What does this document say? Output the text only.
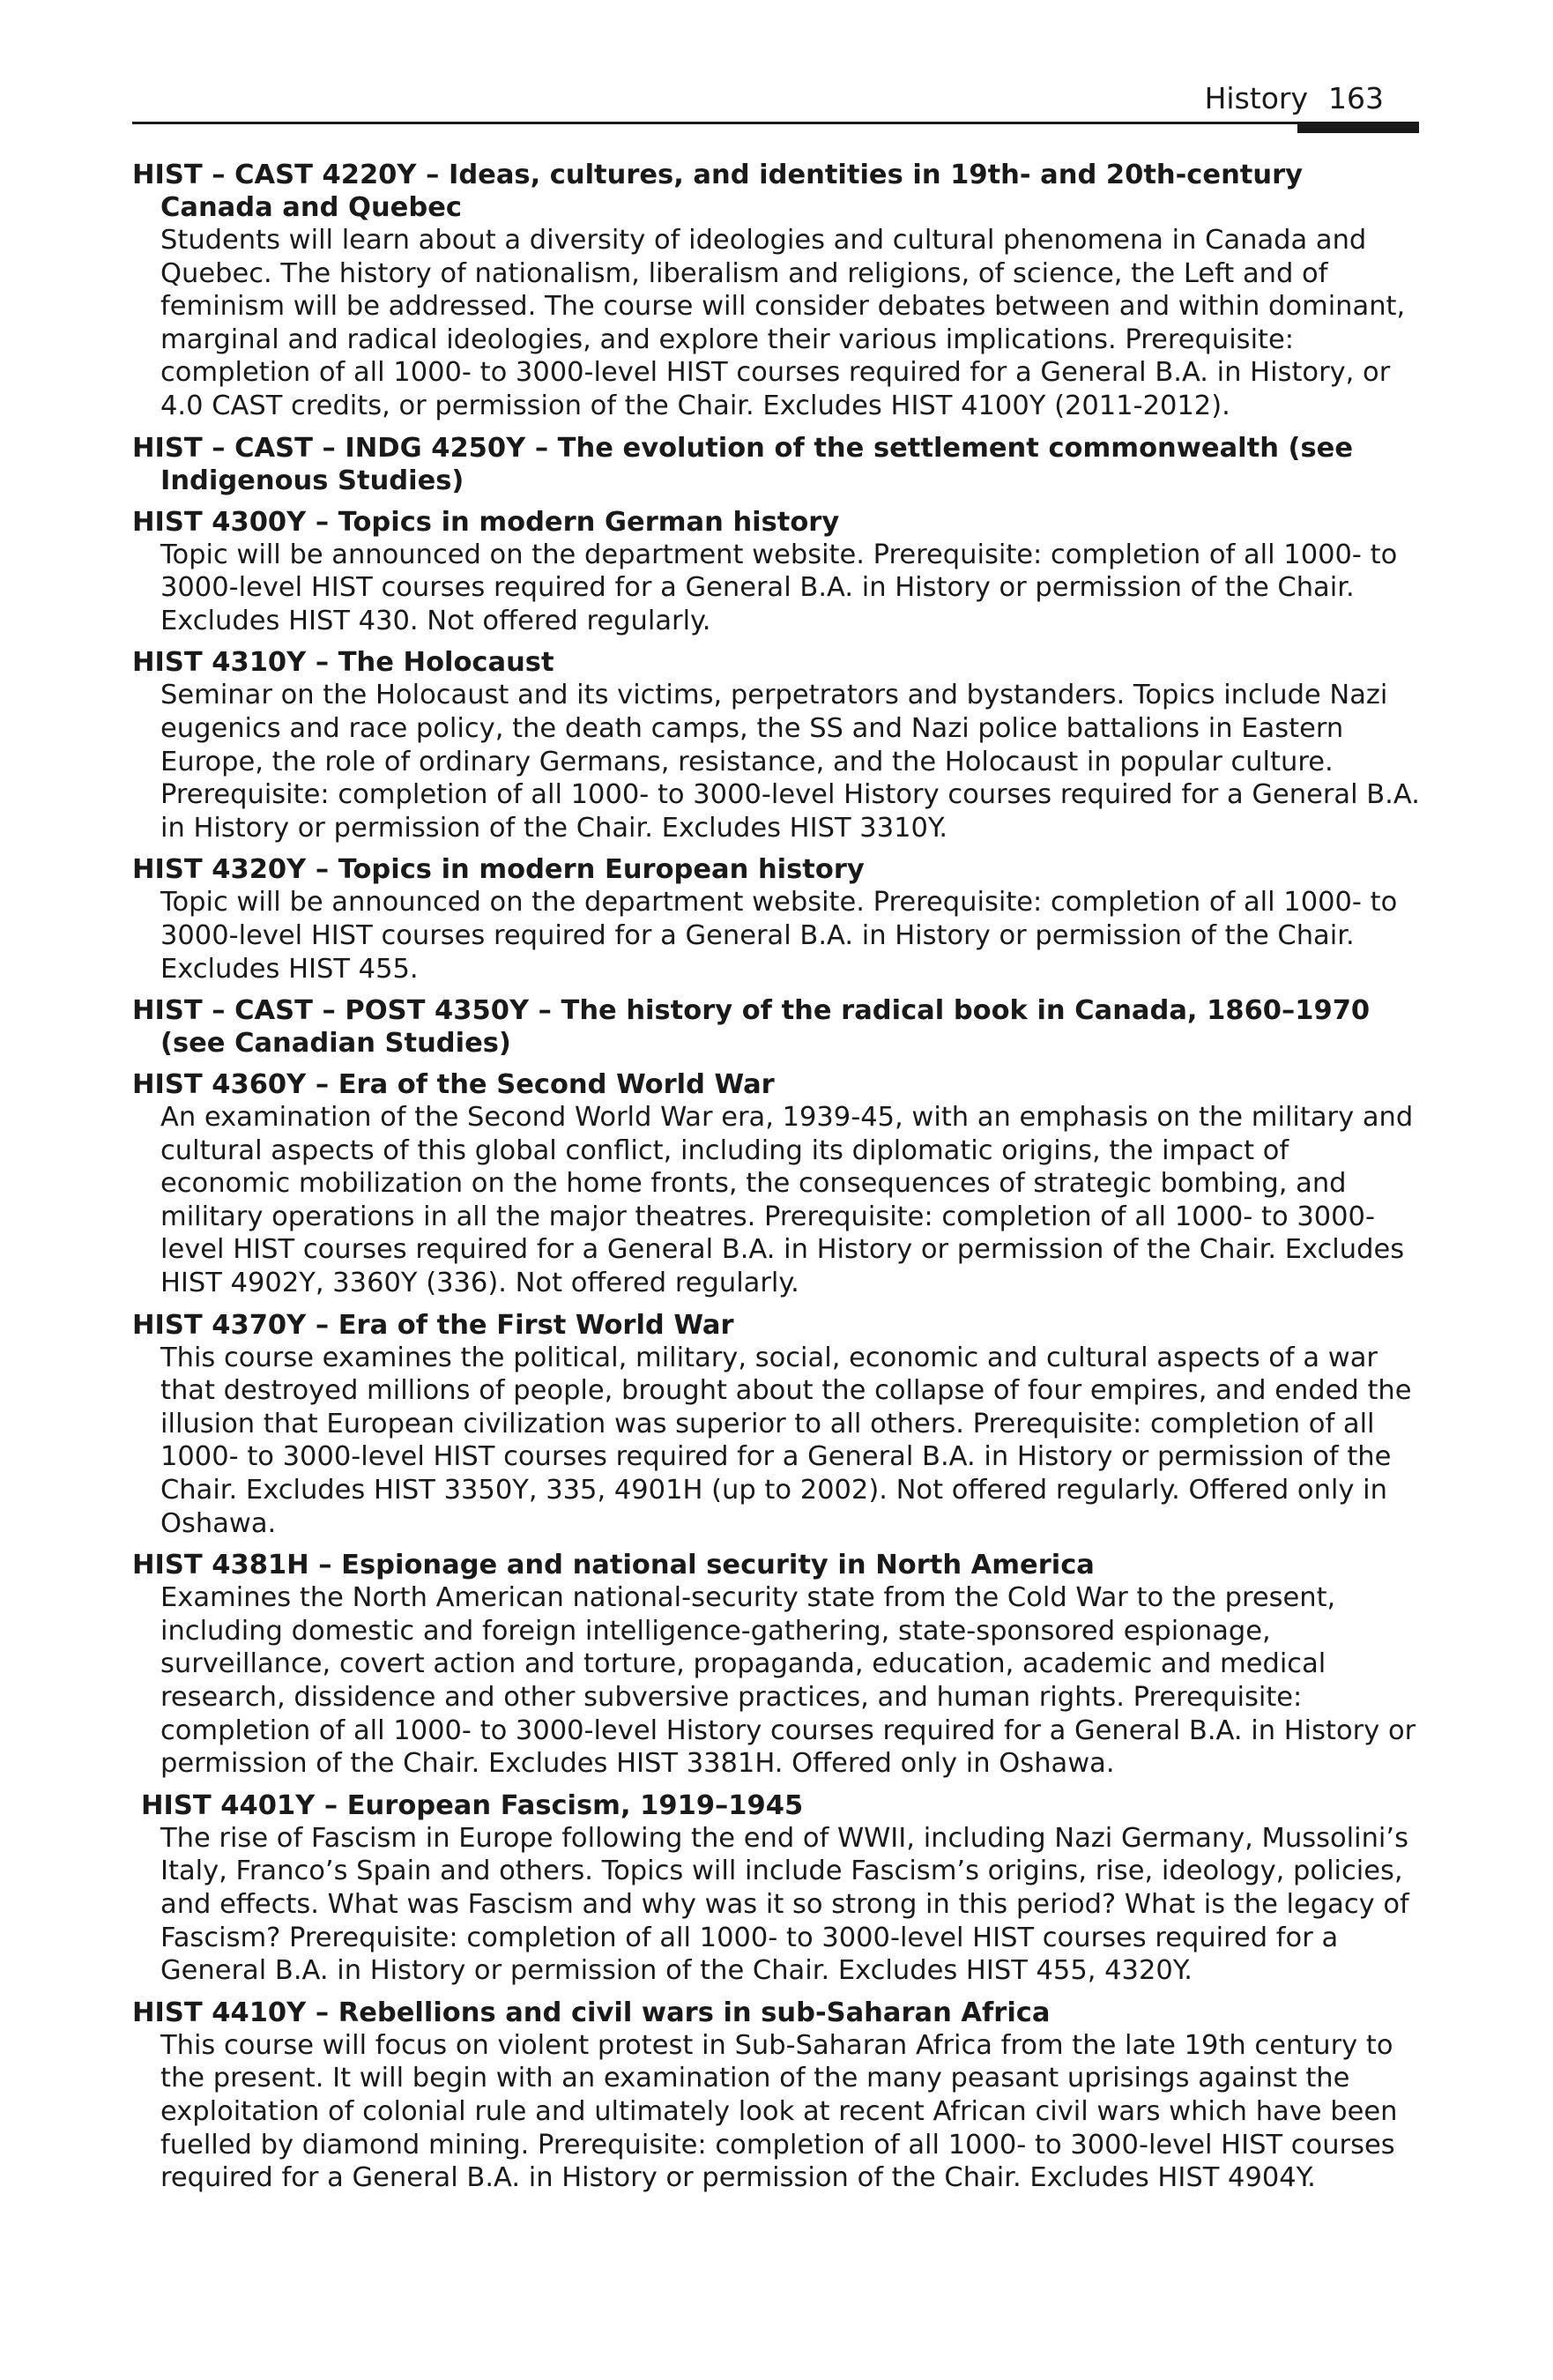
History 163
HIST – CAST 4220Y – Ideas, cultures, and identities in 19th- and 20th-century Canada and Quebec
Students will learn about a diversity of ideologies and cultural phenomena in Canada and Quebec. The history of nationalism, liberalism and religions, of science, the Left and of feminism will be addressed. The course will consider debates between and within dominant, marginal and radical ideologies, and explore their various implications. Prerequisite: completion of all 1000- to 3000-level HIST courses required for a General B.A. in History, or 4.0 CAST credits, or permission of the Chair. Excludes HIST 4100Y (2011-2012).
HIST – CAST – INDG 4250Y – The evolution of the settlement commonwealth (see Indigenous Studies)
HIST 4300Y – Topics in modern German history
Topic will be announced on the department website. Prerequisite: completion of all 1000- to 3000-level HIST courses required for a General B.A. in History or permission of the Chair. Excludes HIST 430. Not offered regularly.
HIST 4310Y – The Holocaust
Seminar on the Holocaust and its victims, perpetrators and bystanders. Topics include Nazi eugenics and race policy, the death camps, the SS and Nazi police battalions in Eastern Europe, the role of ordinary Germans, resistance, and the Holocaust in popular culture. Prerequisite: completion of all 1000- to 3000-level History courses required for a General B.A. in History or permission of the Chair. Excludes HIST 3310Y.
HIST 4320Y – Topics in modern European history
Topic will be announced on the department website. Prerequisite: completion of all 1000- to 3000-level HIST courses required for a General B.A. in History or permission of the Chair. Excludes HIST 455.
HIST – CAST – POST 4350Y – The history of the radical book in Canada, 1860–1970 (see Canadian Studies)
HIST 4360Y – Era of the Second World War
An examination of the Second World War era, 1939-45, with an emphasis on the military and cultural aspects of this global conflict, including its diplomatic origins, the impact of economic mobilization on the home fronts, the consequences of strategic bombing, and military operations in all the major theatres. Prerequisite: completion of all 1000- to 3000-level HIST courses required for a General B.A. in History or permission of the Chair. Excludes HIST 4902Y, 3360Y (336). Not offered regularly.
HIST 4370Y – Era of the First World War
This course examines the political, military, social, economic and cultural aspects of a war that destroyed millions of people, brought about the collapse of four empires, and ended the illusion that European civilization was superior to all others. Prerequisite: completion of all 1000- to 3000-level HIST courses required for a General B.A. in History or permission of the Chair. Excludes HIST 3350Y, 335, 4901H (up to 2002). Not offered regularly. Offered only in Oshawa.
HIST 4381H – Espionage and national security in North America
Examines the North American national-security state from the Cold War to the present, including domestic and foreign intelligence-gathering, state-sponsored espionage, surveillance, covert action and torture, propaganda, education, academic and medical research, dissidence and other subversive practices, and human rights. Prerequisite: completion of all 1000- to 3000-level History courses required for a General B.A. in History or permission of the Chair. Excludes HIST 3381H. Offered only in Oshawa.
HIST 4401Y – European Fascism, 1919–1945
The rise of Fascism in Europe following the end of WWII, including Nazi Germany, Mussolini’s Italy, Franco’s Spain and others. Topics will include Fascism’s origins, rise, ideology, policies, and effects. What was Fascism and why was it so strong in this period? What is the legacy of Fascism? Prerequisite: completion of all 1000- to 3000-level HIST courses required for a General B.A. in History or permission of the Chair. Excludes HIST 455, 4320Y.
HIST 4410Y – Rebellions and civil wars in sub-Saharan Africa
This course will focus on violent protest in Sub-Saharan Africa from the late 19th century to the present. It will begin with an examination of the many peasant uprisings against the exploitation of colonial rule and ultimately look at recent African civil wars which have been fuelled by diamond mining. Prerequisite: completion of all 1000- to 3000-level HIST courses required for a General B.A. in History or permission of the Chair. Excludes HIST 4904Y.
